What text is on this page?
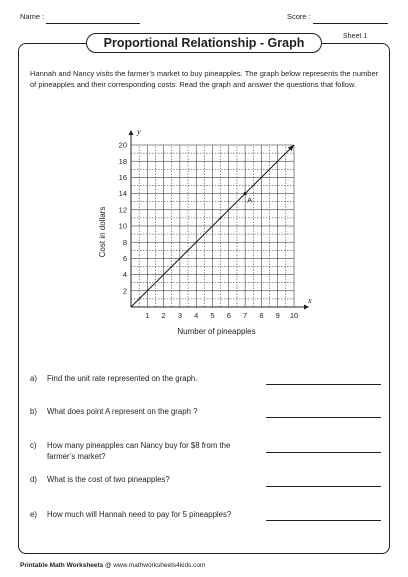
Name :	Score :
Proportional Relationship - Graph	Sheet 1

Hannah and Nancy visits the farmer’s market to buy pineapples. The graph below represents the number of pineapples and their corresponding costs. Read the graph and answer the questions that follow.

1 2 3 4 5 6 7 8 9 10
2
4
6
8
10
12
14
16
18
20
A
x
y
Number of pineapples
Cost in dollars
a) Find the unit rate represented on the graph.
b) What does point A represent on the graph ?
c) How many pineapples can Nancy buy for $8 from the farmer’s market?
d) What is the cost of two pineapples?
e) How much will Hannah need to pay for 5 pineapples?
Printable Math Worksheets @ www.mathworksheets4kids.com
